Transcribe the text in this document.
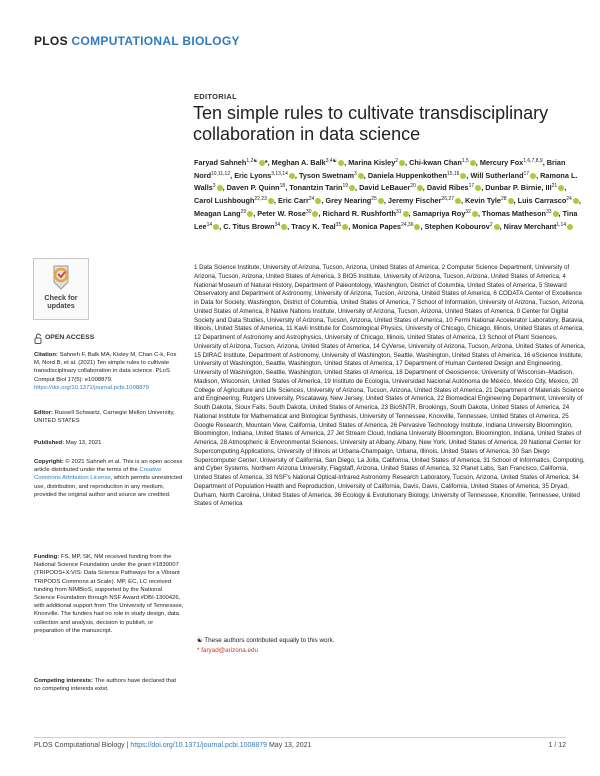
PLOS COMPUTATIONAL BIOLOGY
EDITORIAL
Ten simple rules to cultivate transdisciplinary collaboration in data science
Faryad Sahneh$^{1,2☯}$ *, Meghan A. Balk$^{3,4☯}$ , Marina Kisley$^2$ , Chi-kwan Chan$^{1,5}$ , Mercury Fox$^{1,6,7,8,9}$, Brian Nord$^{10,11,12}$, Eric Lyons$^{3,13,14}$ , Tyson Swetnam$^3$ , Daniela Huppenkothen$^{15,16}$ , Will Sutherland$^{17}$ , Ramona L. Walls$^3$ , Daven P. Quinn$^{18}$, Tonantzin Tarin$^{19}$ , David LeBauer$^{20}$ , David Ribes$^{17}$ , Dunbar P. Birnie, III$^{21}$ , Carol Lushbough$^{22,23}$ , Eric Carr$^{24}$ , Grey Nearing$^{25}$ , Jeremy Fischer$^{26,27}$ , Kevin Tyle$^{28}$ , Luis Carrasco$^{24}$ , Meagan Lang$^{29}$ , Peter W. Rose$^{30}$ , Richard R. Rushforth$^{31}$ , Samapriya Roy$^{32}$ , Thomas Matheson$^{33}$ , Tina Lee$^{14}$ , C. Titus Brown$^{34}$ , Tracy K. Teal$^{35}$ , Monica Papes$^{24,36}$ , Stephen Kobourov$^2$ , Nirav Merchant$^{1,14}$
1 Data Science Institute, University of Arizona, Tucson, Arizona, United States of America, 2 Computer Science Department, University of Arizona, Tucson, Arizona, United States of America, 3 BIO5 Institute, University of Arizona, Tucson, Arizona, United States of America, 4 National Museum of Natural History, Department of Paleontology, Washington, District of Columbia, United States of America, 5 Steward Observatory and Department of Astronomy, University of Arizona, Tucson, Arizona, United States of America, 6 CODATA Center of Excellence in Data for Society, Washington, District of Columbia, United States of America, 7 School of Information, University of Arizona, Tucson, Arizona, United States of America, 8 Native Nations Institute, University of Arizona, Tucson, Arizona, United States of America, 9 Center for Digital Society and Data Studies, University of Arizona, Tucson, Arizona, United States of America, 10 Fermi National Accelerator Laboratory, Batavia, Illinois, United States of America, 11 Kavli Institute for Cosmological Physics, University of Chicago, Chicago, Illinois, United States of America, 12 Department of Astronomy and Astrophysics, University of Chicago, Illinois, United States of America, 13 School of Plant Sciences, University of Arizona, Tucson, Arizona, United States of America, 14 CyVerse, University of Arizona, Tucson, Arizona, United States of America, 15 DIRAC Institute, Department of Astronomy, University of Washington, Seattle, Washington, United States of America, 16 eScience Institute, University of Washington, Seattle, Washington, United States of America, 17 Department of Human Centered Design and Engineering, University of Washington, Seattle, Washington, United States of America, 18 Department of Geoscience, University of Wisconsin–Madison, Madison, Wisconsin, United States of America, 19 Instituto de Ecología, Universidad Nacional Autónoma de México, Mexico City, Mexico, 20 College of Agriculture and Life Sciences, University of Arizona, Tucson, Arizona, United States of America, 21 Department of Materials Science and Engineering, Rutgers University, Piscataway, New Jersey, United States of America, 22 Biomedical Engineering Department, University of South Dakota, Sioux Falls, South Dakota, United States of America, 23 BioSNTR, Brookings, South Dakota, United States of America, 24 National Institute for Mathematical and Biological Synthesis, University of Tennessee, Knoxville, Tennessee, United States of America, 25 Google Research, Mountain View, California, United States of America, 26 Pervasive Technology Institute, Indiana University Bloomington, Bloomington, Indiana, United States of America, 27 Jet Stream Cloud, Indiana University Bloomington, Bloomington, Indiana, United States of America, 28 Atmospheric & Environmental Sciences, University at Albany, Albany, New York, United States of America, 29 National Center for Supercomputing Applications, University of Illinois at Urbana-Champaign, Urbana, Illinois, United States of America, 30 San Diego Supercomputer Center, University of California, San Diego, La Jolla, California, United States of America, 31 School of Informatics, Computing, and Cyber Systems, Northern Arizona University, Flagstaff, Arizona, United States of America, 32 Planet Labs, San Francisco, California, United States of America, 33 NSF's National Optical-Infrared Astronomy Research Laboratory, Tucson, Arizona, United States of America, 34 Department of Population Health and Reproduction, University of California, Davis, Davis, California, United States of America, 35 Dryad, Durham, North Carolina, United States of America, 36 Ecology & Evolutionary Biology, University of Tennessee, Knoxville, Tennessee, United States of America
☯ These authors contributed equally to this work.
* faryad@arizona.edu
Check for updates
OPEN ACCESS
Citation: Sahneh F, Balk MA, Kisley M, Chan C-k, Fox M, Nord B, et al. (2021) Ten simple rules to cultivate transdisciplinary collaboration in data science. PLoS Comput Biol 17(5): e1008879. https://doi.org/10.1371/journal.pcbi.1008879
Editor: Russell Schwartz, Carnegie Mellon University, UNITED STATES
Published: May 13, 2021
Copyright: © 2021 Sahneh et al. This is an open access article distributed under the terms of the Creative Commons Attribution License, which permits unrestricted use, distribution, and reproduction in any medium, provided the original author and source are credited.
Funding: FS, MP, SK, NM received funding from the National Science Foundation under the grant #1839007 (TRIPODS+X:VIS: Data Science Pathways for a Vibrant TRIPODS Commons at Scale). MP, EC, LC received funding from NIMBioS, supported by the National Science Foundation through NSF Award #DBI-1300426, with additional support from The University of Tennessee, Knoxville. The funders had no role in study design, data collection and analysis, decision to publish, or preparation of the manuscript.
Competing interests: The authors have declared that no competing interests exist.
PLOS Computational Biology | https://doi.org/10.1371/journal.pcbi.1008879 May 13, 2021	1 / 12
